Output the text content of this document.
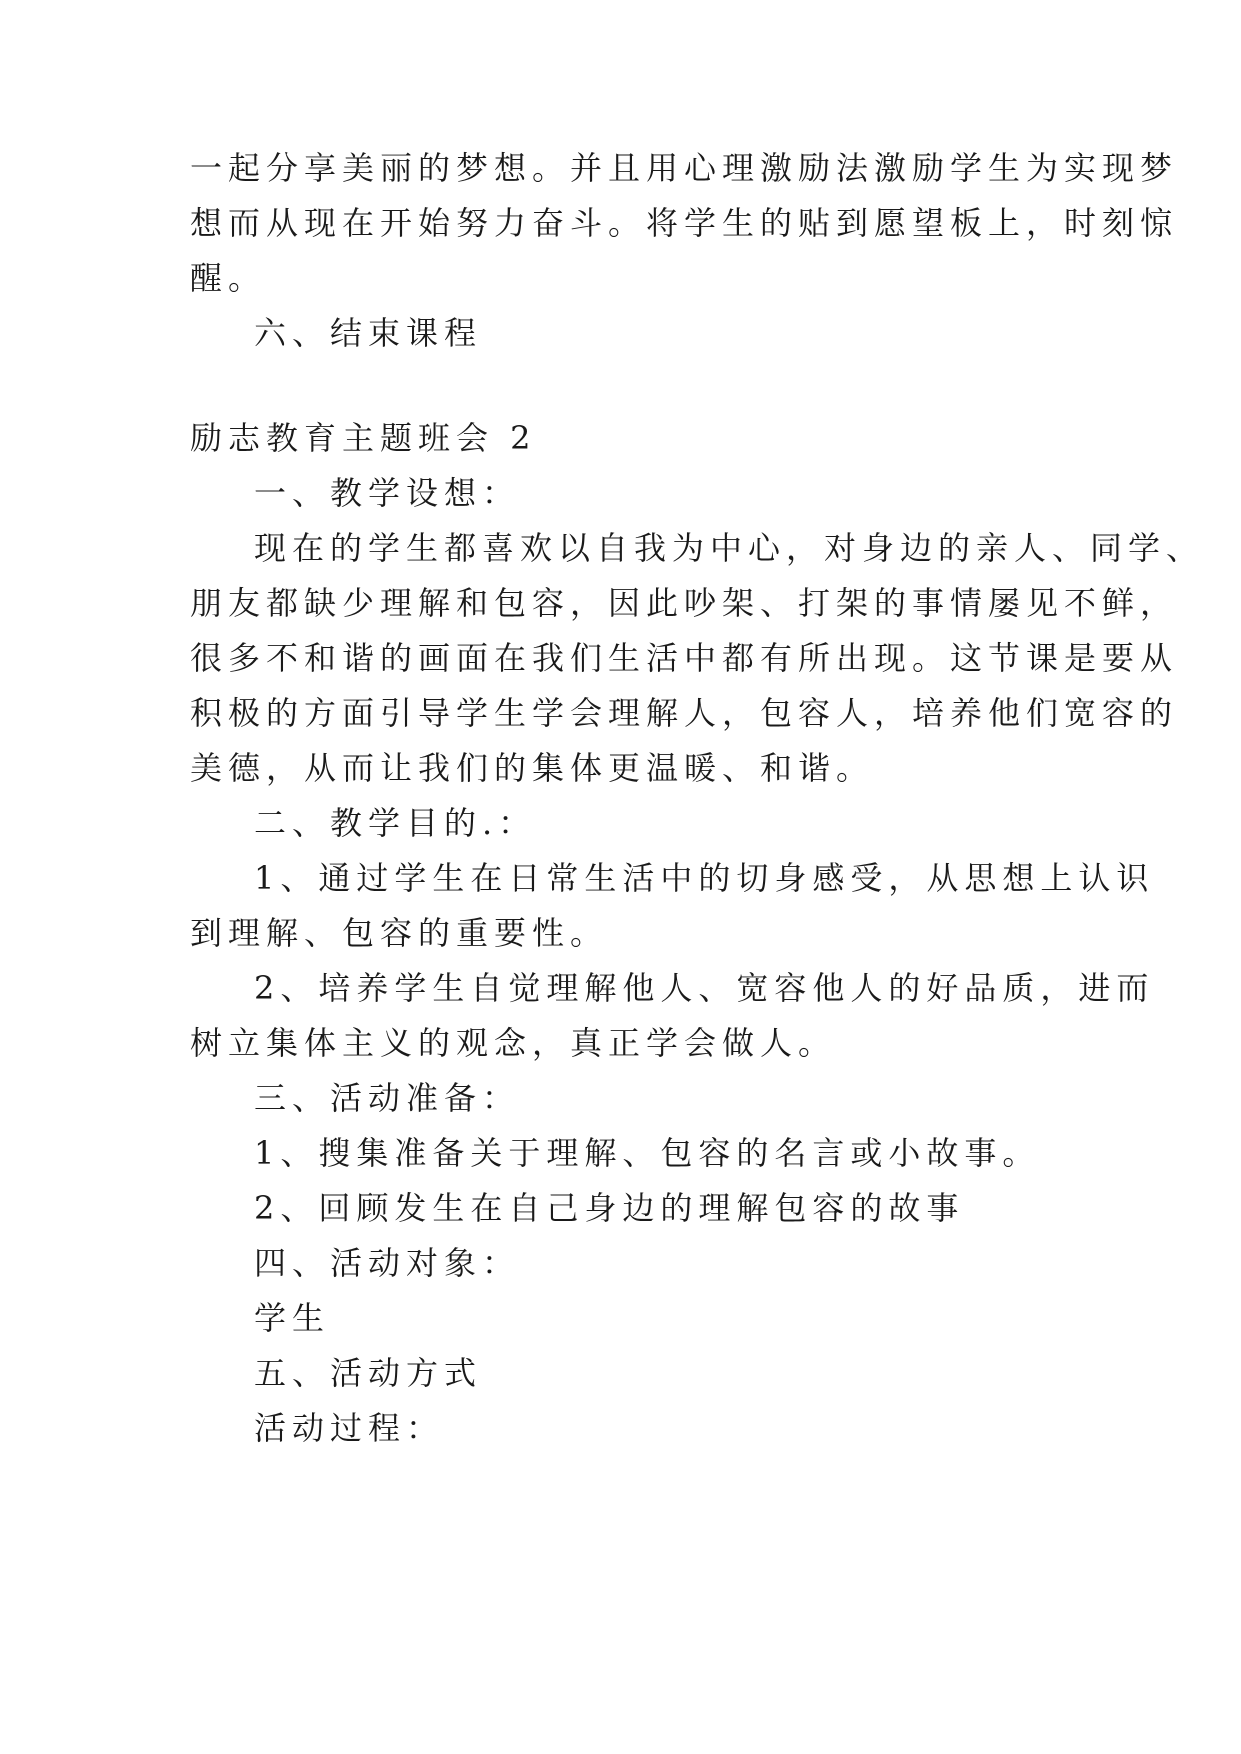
一起分享美丽的梦想。并且用心理激励法激励学生为实现梦
想而从现在开始努力奋斗。将学生的贴到愿望板上，时刻惊
醒。
六、结束课程
励志教育主题班会 2
一、教学设想：
现在的学生都喜欢以自我为中心，对身边的亲人、同学、
朋友都缺少理解和包容，因此吵架、打架的事情屡见不鲜，
很多不和谐的画面在我们生活中都有所出现。这节课是要从
积极的方面引导学生学会理解人，包容人，培养他们宽容的
美德，从而让我们的集体更温暖、和谐。
二、教学目的.：
1、通过学生在日常生活中的切身感受，从思想上认识
到理解、包容的重要性。
2、培养学生自觉理解他人、宽容他人的好品质，进而
树立集体主义的观念，真正学会做人。
三、活动准备：
1、搜集准备关于理解、包容的名言或小故事。
2、回顾发生在自己身边的理解包容的故事
四、活动对象：
学生
五、活动方式
活动过程：
